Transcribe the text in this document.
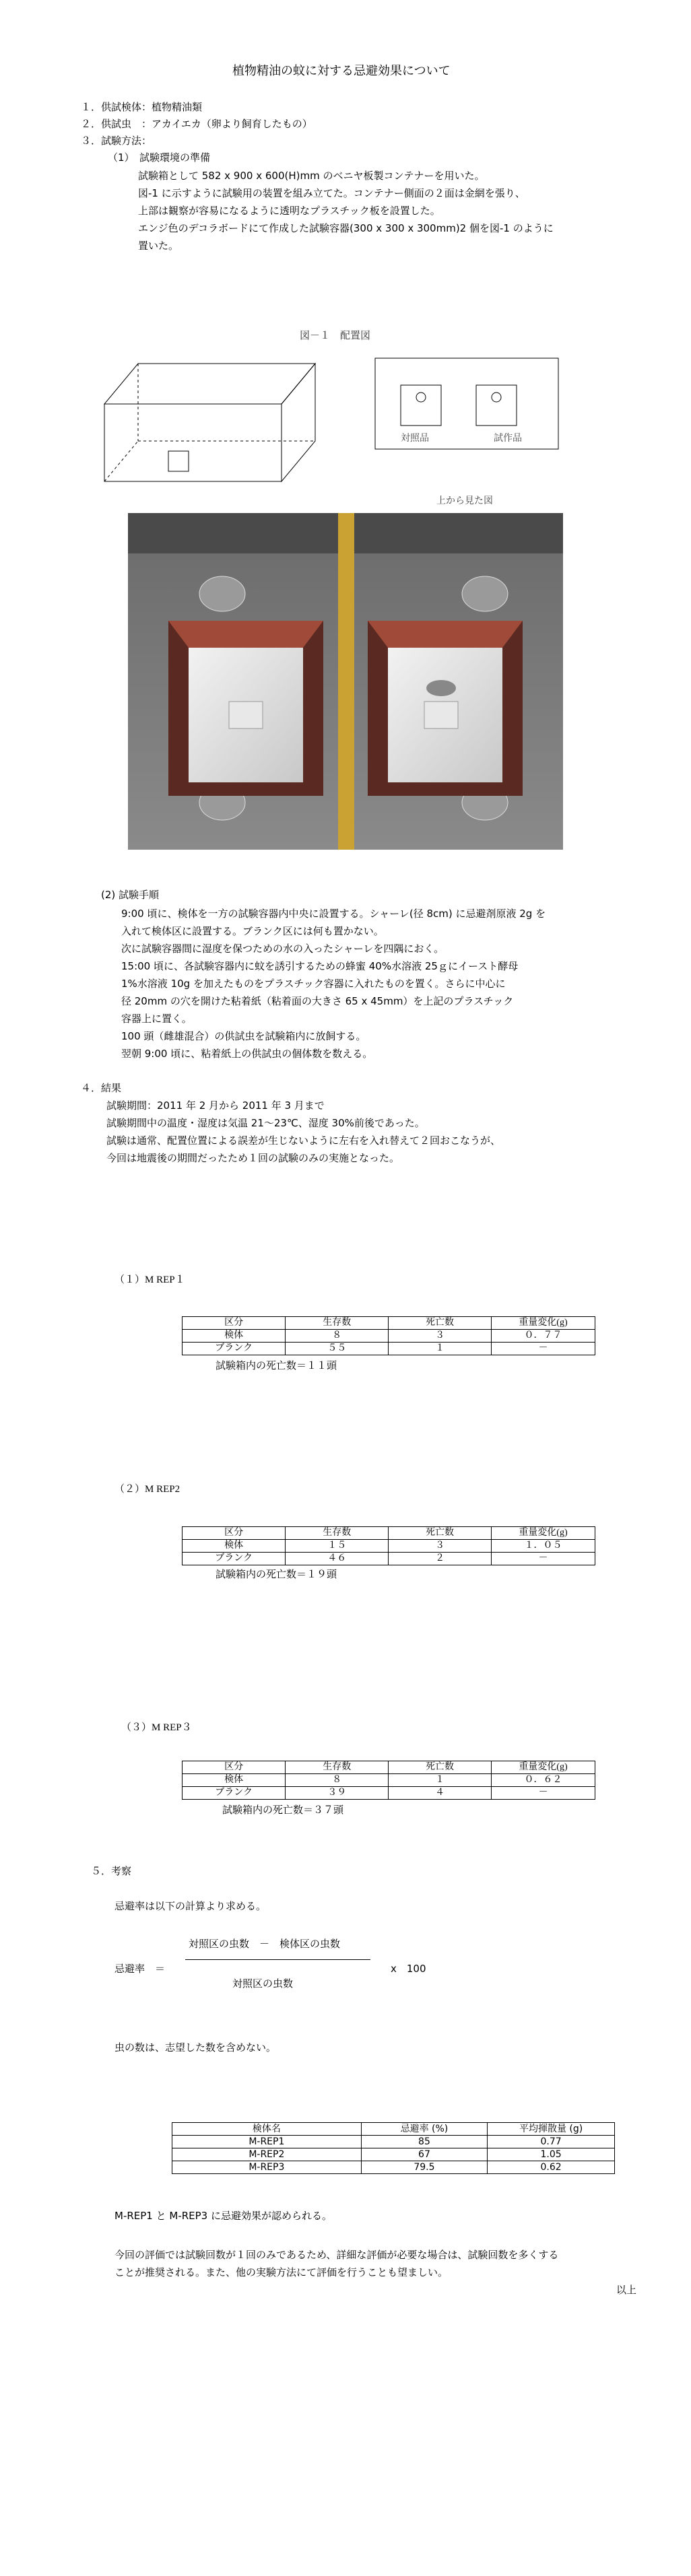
植物精油の蚊に対する忌避効果について
１．供試検体：植物精油類
２．供試虫　：アカイエカ（卵より飼育したもの）
３．試験方法：
（1）　試験環境の準備
試験箱として 582 x 900 x 600(H)mm のベニヤ板製コンテナーを用いた。
図-1 に示すように試験用の装置を組み立てた。コンテナー側面の２面は金網を張り、
上部は観察が容易になるように透明なプラスチック板を設置した。
エンジ色のデコラボードにて作成した試験容器(300 x 300 x 300mm)2 個を図-1 のように
置いた。
図－１　配置図
対照品	試作品
上から見た図
(2) 試験手順
9:00 頃に、検体を一方の試験容器内中央に設置する。シャーレ(径 8cm) に忌避剤原液 2g を
入れて検体区に設置する。ブランク区には何も置かない。
次に試験容器間に湿度を保つための水の入ったシャーレを四隅におく。
15:00 頃に、各試験容器内に蚊を誘引するための蜂蜜 40%水溶液 25ｇにイースト酵母
1%水溶液 10g を加えたものをプラスチック容器に入れたものを置く。さらに中心に
径 20mm の穴を開けた粘着紙（粘着面の大きさ 65 x 45mm）を上記のプラスチック
容器上に置く。
100 頭（雌雄混合）の供試虫を試験箱内に放飼する。
翌朝 9:00 頃に、粘着紙上の供試虫の個体数を数える。
４．結果
試験期間：2011 年 2 月から 2011 年 3 月まで
試験期間中の温度・湿度は気温 21～23℃、湿度 30%前後であった。
試験は通常、配置位置による誤差が生じないように左右を入れ替えて２回おこなうが、
今回は地震後の期間だったため１回の試験のみの実施となった。
（１）M REP１
区分	生存数	死亡数	重量変化(g)
検体	８	３	０．７７
ブランク	５５	１	－
試験箱内の死亡数＝１１頭
（２）M REP2
区分	生存数	死亡数	重量変化(g)
検体	１５	３	１．０５
ブランク	４６	２	－
試験箱内の死亡数＝１９頭
（３）M REP３
区分	生存数	死亡数	重量変化(g)
検体	８	１	０．６２
ブランク	３９	４	－
試験箱内の死亡数＝３７頭
５．考察
忌避率は以下の計算より求める。
忌避率　＝
対照区の虫数　－　検体区の虫数
対照区の虫数
x　100
虫の数は、志望した数を含めない。
検体名	忌避率 (%)	平均揮散量 (g)
M-REP1	85	0.77
M-REP2	67	1.05
M-REP3	79.5	0.62
M-REP1 と M-REP3 に忌避効果が認められる。
今回の評価では試験回数が１回のみであるため、詳細な評価が必要な場合は、試験回数を多くする
ことが推奨される。また、他の実験方法にて評価を行うことも望ましい。
以上
